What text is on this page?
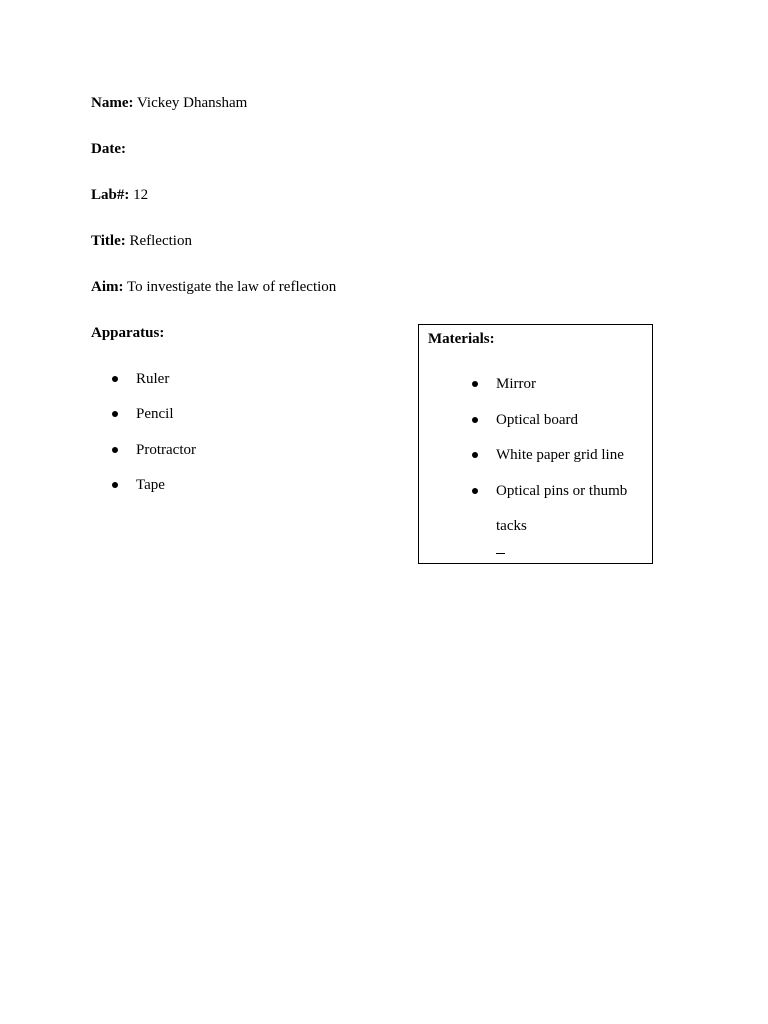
Name: Vickey Dhansham
Date:
Lab#: 12
Title: Reflection
Aim: To investigate the law of reflection
Apparatus:
Ruler
Pencil
Protractor
Tape
Materials:
Mirror
Optical board
White paper grid line
Optical pins or thumb
tacks
